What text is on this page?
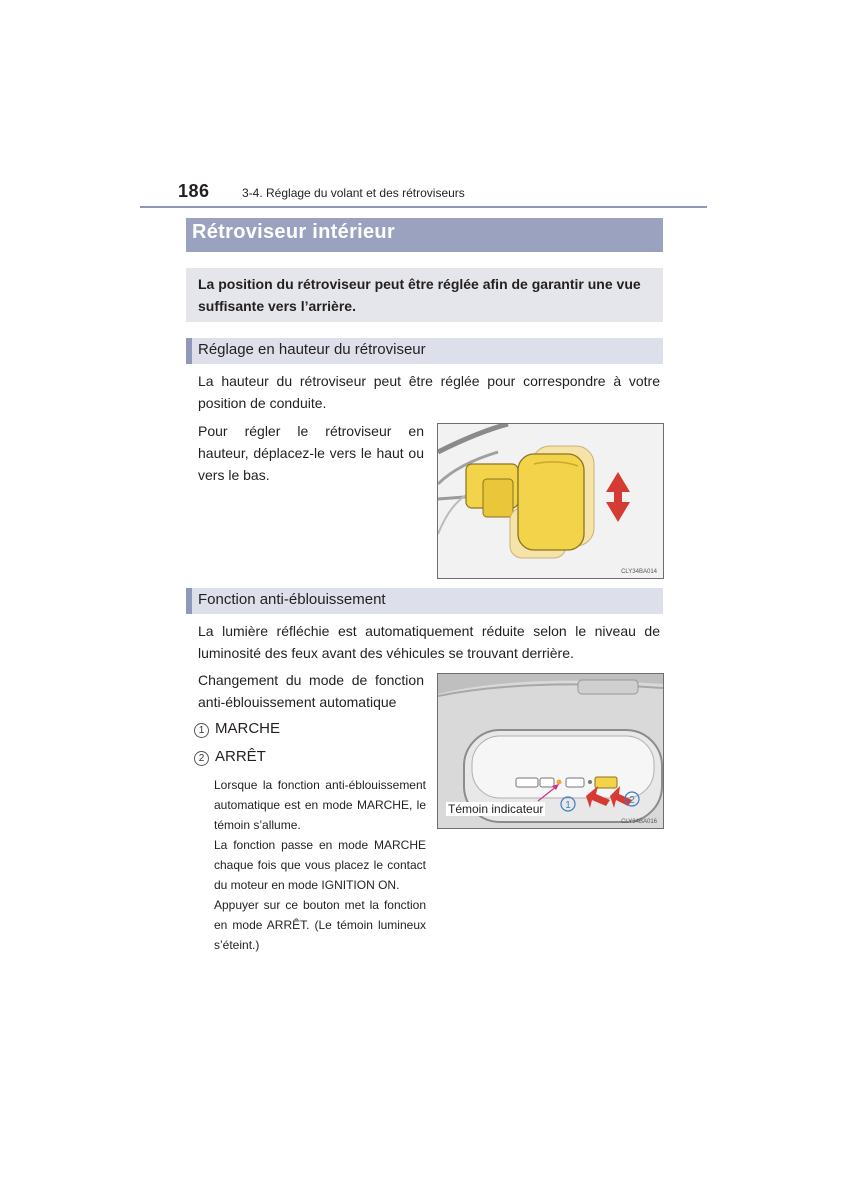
186	3-4. Réglage du volant et des rétroviseurs
Rétroviseur intérieur
La position du rétroviseur peut être réglée afin de garantir une vue suffisante vers l’arrière.
Réglage en hauteur du rétroviseur
La hauteur du rétroviseur peut être réglée pour correspondre à votre position de conduite.
Pour régler le rétroviseur en hauteur, déplacez-le vers le haut ou vers le bas.
CLY34BA014
Fonction anti-éblouissement
La lumière réfléchie est automatiquement réduite selon le niveau de luminosité des feux avant des véhicules se trouvant derrière.
Changement du mode de fonction anti-éblouissement automatique
1 MARCHE
2 ARRÊT
Lorsque la fonction anti-éblouissement automatique est en mode MARCHE, le témoin s’allume.
La fonction passe en mode MARCHE chaque fois que vous placez le contact du moteur en mode IGNITION ON.
Appuyer sur ce bouton met la fonction en mode ARRÊT. (Le témoin lumineux s’éteint.)
1	2
Témoin indicateur
CLY34BA016
